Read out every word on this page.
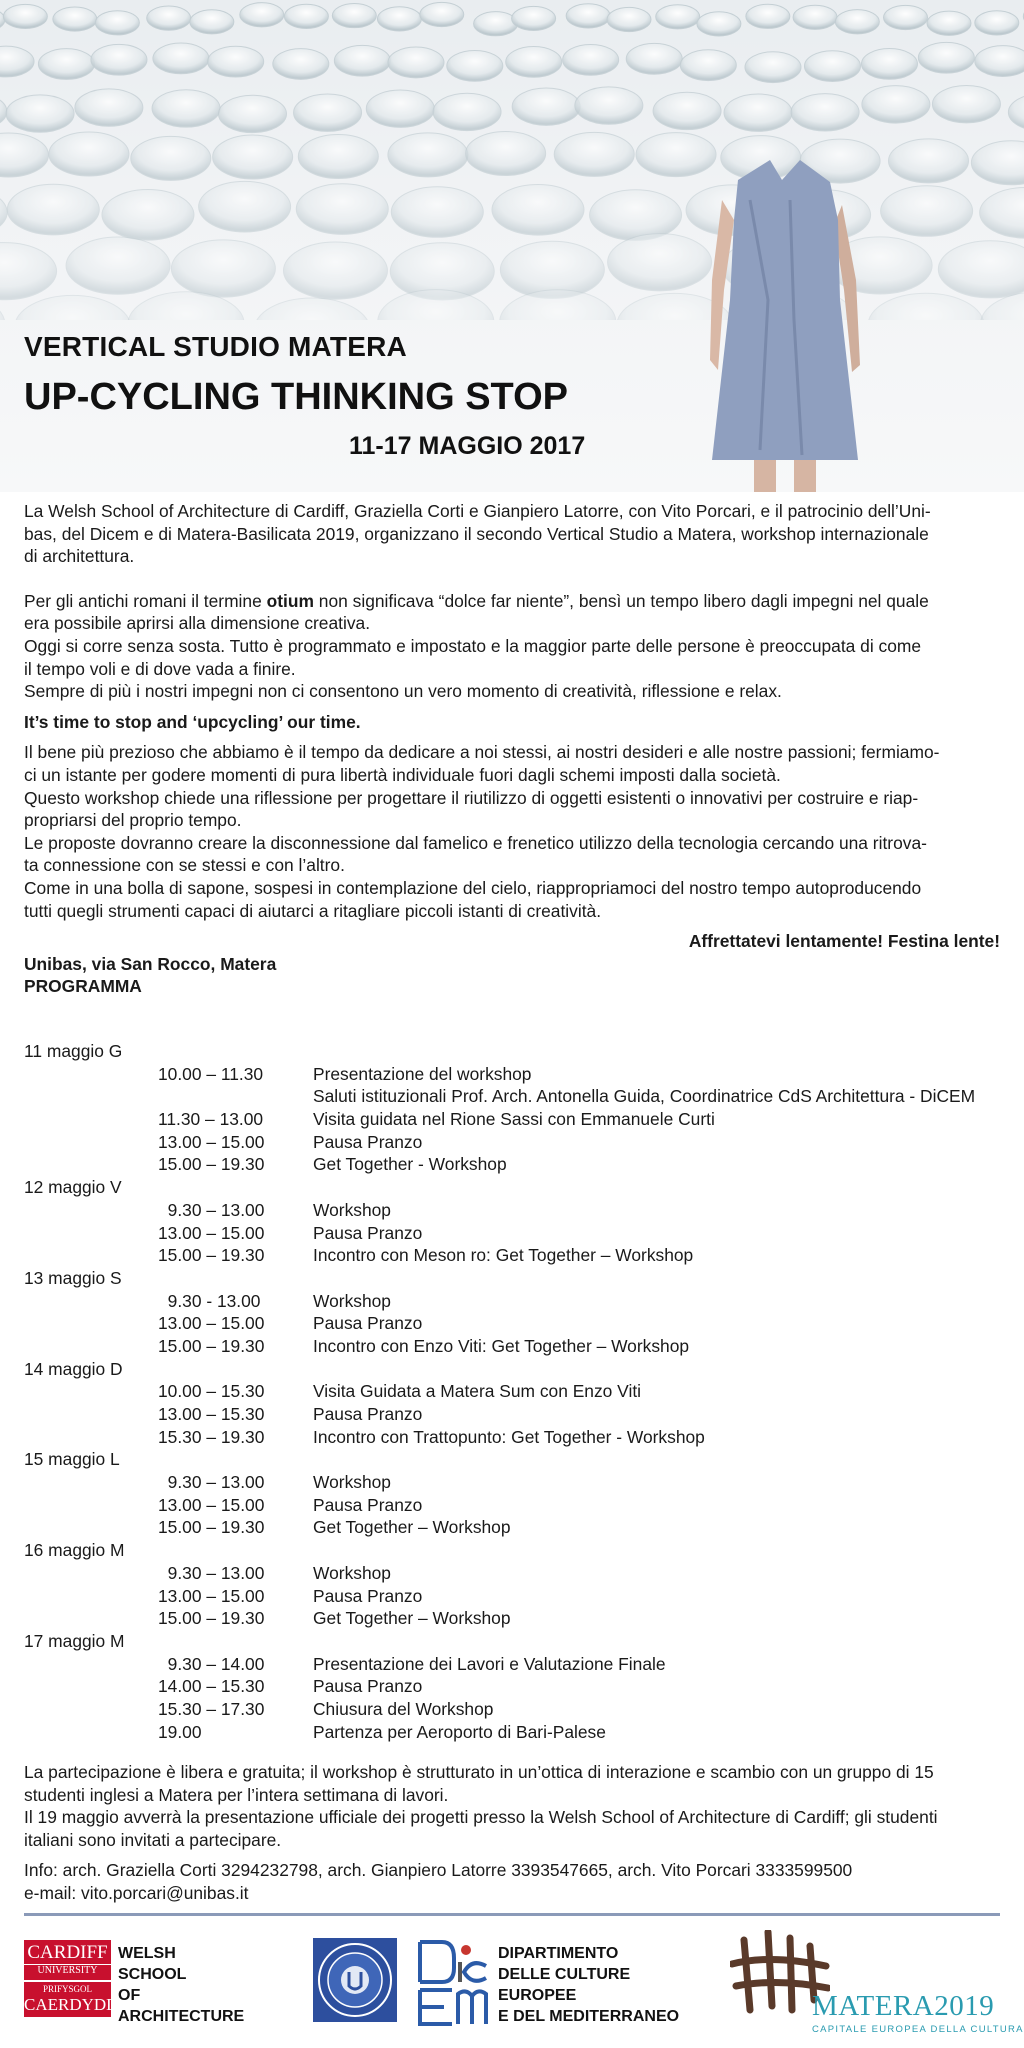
VERTICAL STUDIO MATERA
UP-CYCLING THINKING STOP
11-17 MAGGIO 2017

La Welsh School of Architecture di Cardiff, Graziella Corti e Gianpiero Latorre, con Vito Porcari, e il patrocinio dell’Uni-
bas, del Dicem e di Matera-Basilicata 2019, organizzano il secondo Vertical Studio a Matera, workshop internazionale
di architettura.

Per gli antichi romani il termine otium non significava “dolce far niente”, bensì un tempo libero dagli impegni nel quale
era possibile aprirsi alla dimensione creativa.

Oggi si corre senza sosta. Tutto è programmato e impostato e la maggior parte delle persone è preoccupata di come
il tempo voli e di dove vada a finire.

Sempre di più i nostri impegni non ci consentono un vero momento di creatività, riflessione e relax.

It’s time to stop and ‘upcycling’ our time.

Il bene più prezioso che abbiamo è il tempo da dedicare a noi stessi, ai nostri desideri e alle nostre passioni; fermiamo-
ci un istante per godere momenti di pura libertà individuale fuori dagli schemi imposti dalla società.

Questo workshop chiede una riflessione per progettare il riutilizzo di oggetti esistenti o innovativi per costruire e riap-
propriarsi del proprio tempo.

Le proposte dovranno creare la disconnessione dal famelico e frenetico utilizzo della tecnologia cercando una ritrova-
ta connessione con se stessi e con l’altro.

Come in una bolla di sapone, sospesi in contemplazione del cielo, riappropriamoci del nostro tempo autoproducendo
tutti quegli strumenti capaci di aiutarci a ritagliare piccoli istanti di creatività.

Affrettatevi lentamente! Festina lente!

Unibas, via San Rocco, Matera

PROGRAMMA

11 maggio G
10.00 – 11.30	Presentazione del workshop
Saluti istituzionali Prof. Arch. Antonella Guida, Coordinatrice CdS Architettura - DiCEM
11.30 – 13.00	Visita guidata nel Rione Sassi con Emmanuele Curti
13.00 – 15.00	Pausa Pranzo
15.00 – 19.30	Get Together - Workshop
12 maggio V
9.30 – 13.00	Workshop
13.00 – 15.00	Pausa Pranzo
15.00 – 19.30	Incontro con Meson ro: Get Together – Workshop
13 maggio S
9.30 - 13.00	Workshop
13.00 – 15.00	Pausa Pranzo
15.00 – 19.30	Incontro con Enzo Viti: Get Together – Workshop
14 maggio D
10.00 – 15.30	Visita Guidata a Matera Sum con Enzo Viti
13.00 – 15.30	Pausa Pranzo
15.30 – 19.30	Incontro con Trattopunto: Get Together - Workshop
15 maggio L
9.30 – 13.00	Workshop
13.00 – 15.00	Pausa Pranzo
15.00 – 19.30	Get Together – Workshop
16 maggio M
9.30 – 13.00	Workshop
13.00 – 15.00	Pausa Pranzo
15.00 – 19.30	Get Together – Workshop
17 maggio M
9.30 – 14.00	Presentazione dei Lavori e Valutazione Finale
14.00 – 15.30	Pausa Pranzo
15.30 – 17.30	Chiusura del Workshop
19.00	Partenza per Aeroporto di Bari-Palese

La partecipazione è libera e gratuita; il workshop è strutturato in un’ottica di interazione e scambio con un gruppo di 15
studenti inglesi a Matera per l’intera settimana di lavori.

Il 19 maggio avverrà la presentazione ufficiale dei progetti presso la Welsh School of Architecture di Cardiff; gli studenti
italiani sono invitati a partecipare.

Info: arch. Graziella Corti 3294232798, arch. Gianpiero Latorre 3393547665, arch. Vito Porcari 3333599500

e-mail: vito.porcari@unibas.it

CARDIFF
UNIVERSITY
PRIFYSGOL
CAERDYDD
WELSH
SCHOOL
OF
ARCHITECTURE
DIPARTIMENTO
DELLE CULTURE
EUROPEE
E DEL MEDITERRANEO	MATERA2019
CAPITALE EUROPEA DELLA CULTURA
